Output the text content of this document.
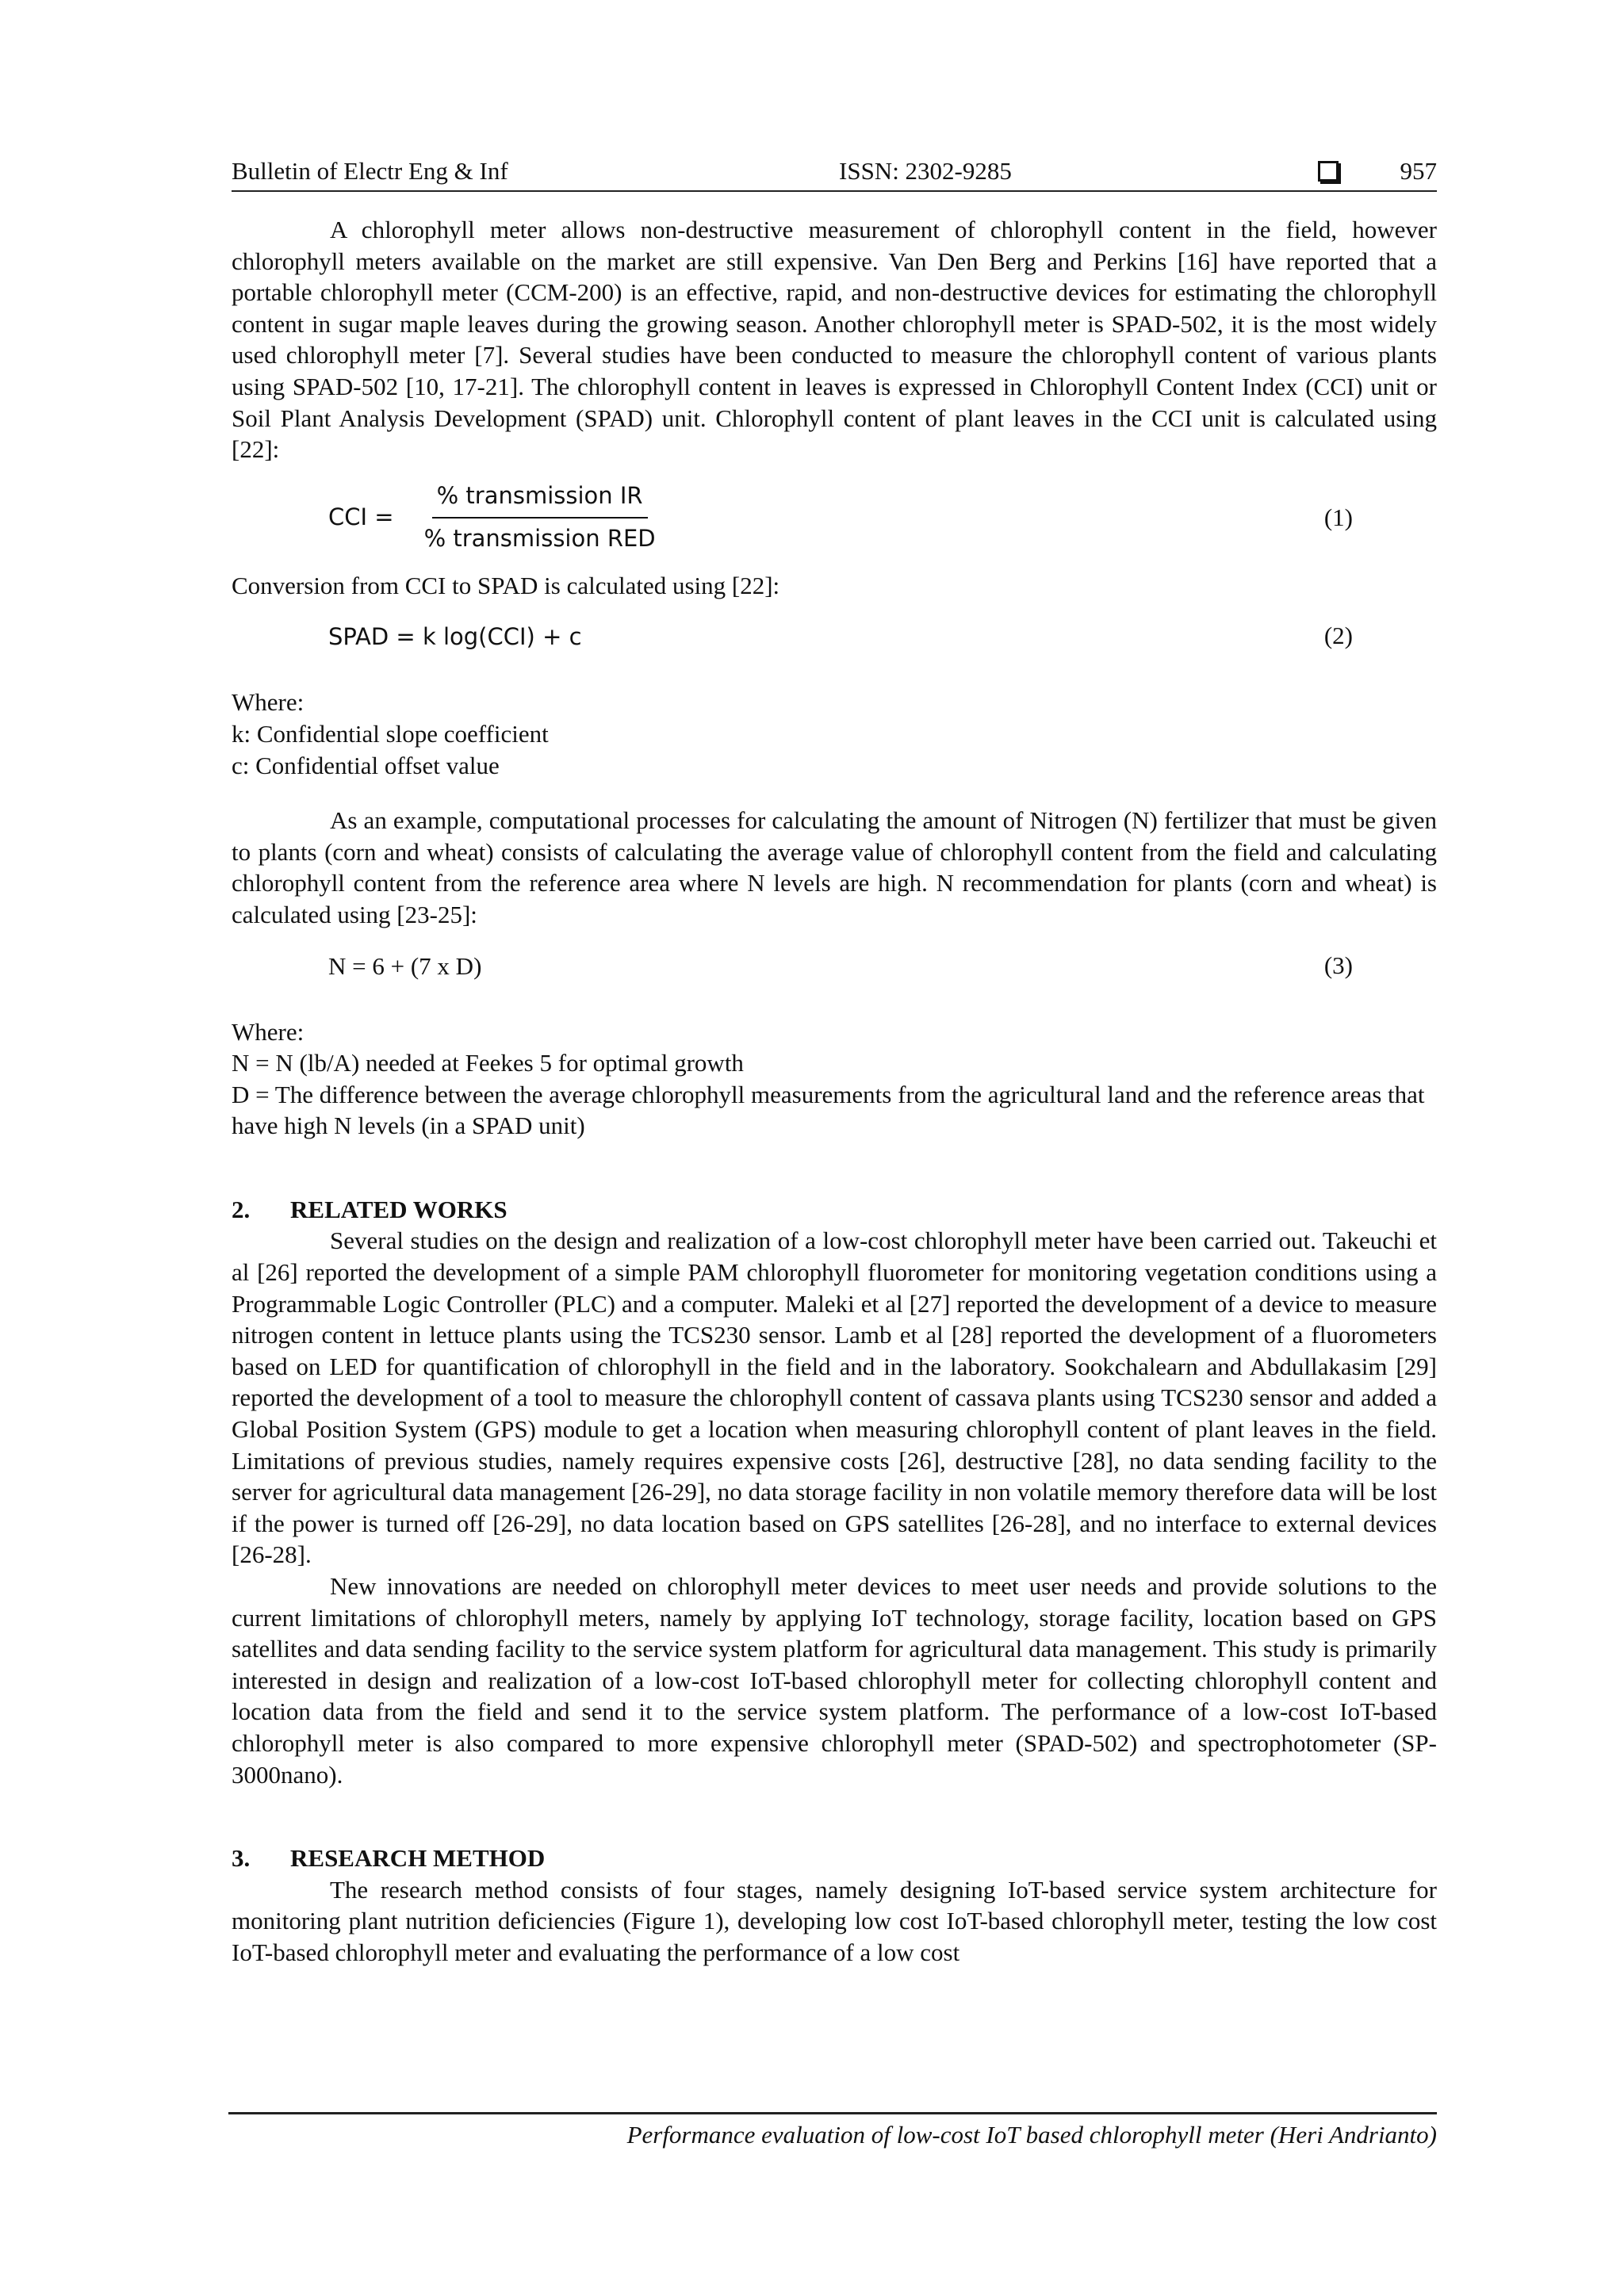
Bulletin of Electr Eng & Inf	ISSN: 2302-9285	957

A chlorophyll meter allows non-destructive measurement of chlorophyll content in the field, however chlorophyll meters available on the market are still expensive. Van Den Berg and Perkins [16] have reported that a portable chlorophyll meter (CCM-200) is an effective, rapid, and non-destructive devices for estimating the chlorophyll content in sugar maple leaves during the growing season. Another chlorophyll meter is SPAD-502, it is the most widely used chlorophyll meter [7]. Several studies have been conducted to measure the chlorophyll content of various plants using SPAD-502 [10, 17-21]. The chlorophyll content in leaves is expressed in Chlorophyll Content Index (CCI) unit or Soil Plant Analysis Development (SPAD) unit. Chlorophyll content of plant leaves in the CCI unit is calculated using [22]:

CCI = $\frac{\text{\% transmission IR}}{\text{\% transmission RED}}$	(1)

Conversion from CCI to SPAD is calculated using [22]:

SPAD = k log(CCI) + c	(2)

Where:

k: Confidential slope coefficient

c: Confidential offset value

As an example, computational processes for calculating the amount of Nitrogen (N) fertilizer that must be given to plants (corn and wheat) consists of calculating the average value of chlorophyll content from the field and calculating chlorophyll content from the reference area where N levels are high. N recommendation for plants (corn and wheat) is calculated using [23-25]:

N = 6 + (7 x D)	(3)

Where:

N = N (lb/A) needed at Feekes 5 for optimal growth

D = The difference between the average chlorophyll measurements from the agricultural land and the reference areas that have high N levels (in a SPAD unit)

2. RELATED WORKS

Several studies on the design and realization of a low-cost chlorophyll meter have been carried out. Takeuchi et al [26] reported the development of a simple PAM chlorophyll fluorometer for monitoring vegetation conditions using a Programmable Logic Controller (PLC) and a computer. Maleki et al [27] reported the development of a device to measure nitrogen content in lettuce plants using the TCS230 sensor. Lamb et al [28] reported the development of a fluorometers based on LED for quantification of chlorophyll in the field and in the laboratory. Sookchalearn and Abdullakasim [29] reported the development of a tool to measure the chlorophyll content of cassava plants using TCS230 sensor and added a Global Position System (GPS) module to get a location when measuring chlorophyll content of plant leaves in the field. Limitations of previous studies, namely requires expensive costs [26], destructive [28], no data sending facility to the server for agricultural data management [26-29], no data storage facility in non volatile memory therefore data will be lost if the power is turned off [26-29], no data location based on GPS satellites [26-28], and no interface to external devices [26-28].

New innovations are needed on chlorophyll meter devices to meet user needs and provide solutions to the current limitations of chlorophyll meters, namely by applying IoT technology, storage facility, location based on GPS satellites and data sending facility to the service system platform for agricultural data management. This study is primarily interested in design and realization of a low-cost IoT-based chlorophyll meter for collecting chlorophyll content and location data from the field and send it to the service system platform. The performance of a low-cost IoT-based chlorophyll meter is also compared to more expensive chlorophyll meter (SPAD-502) and spectrophotometer (SP-3000nano).

3. RESEARCH METHOD

The research method consists of four stages, namely designing IoT-based service system architecture for monitoring plant nutrition deficiencies (Figure 1), developing low cost IoT-based chlorophyll meter, testing the low cost IoT-based chlorophyll meter and evaluating the performance of a low cost

Performance evaluation of low-cost IoT based chlorophyll meter (Heri Andrianto)
